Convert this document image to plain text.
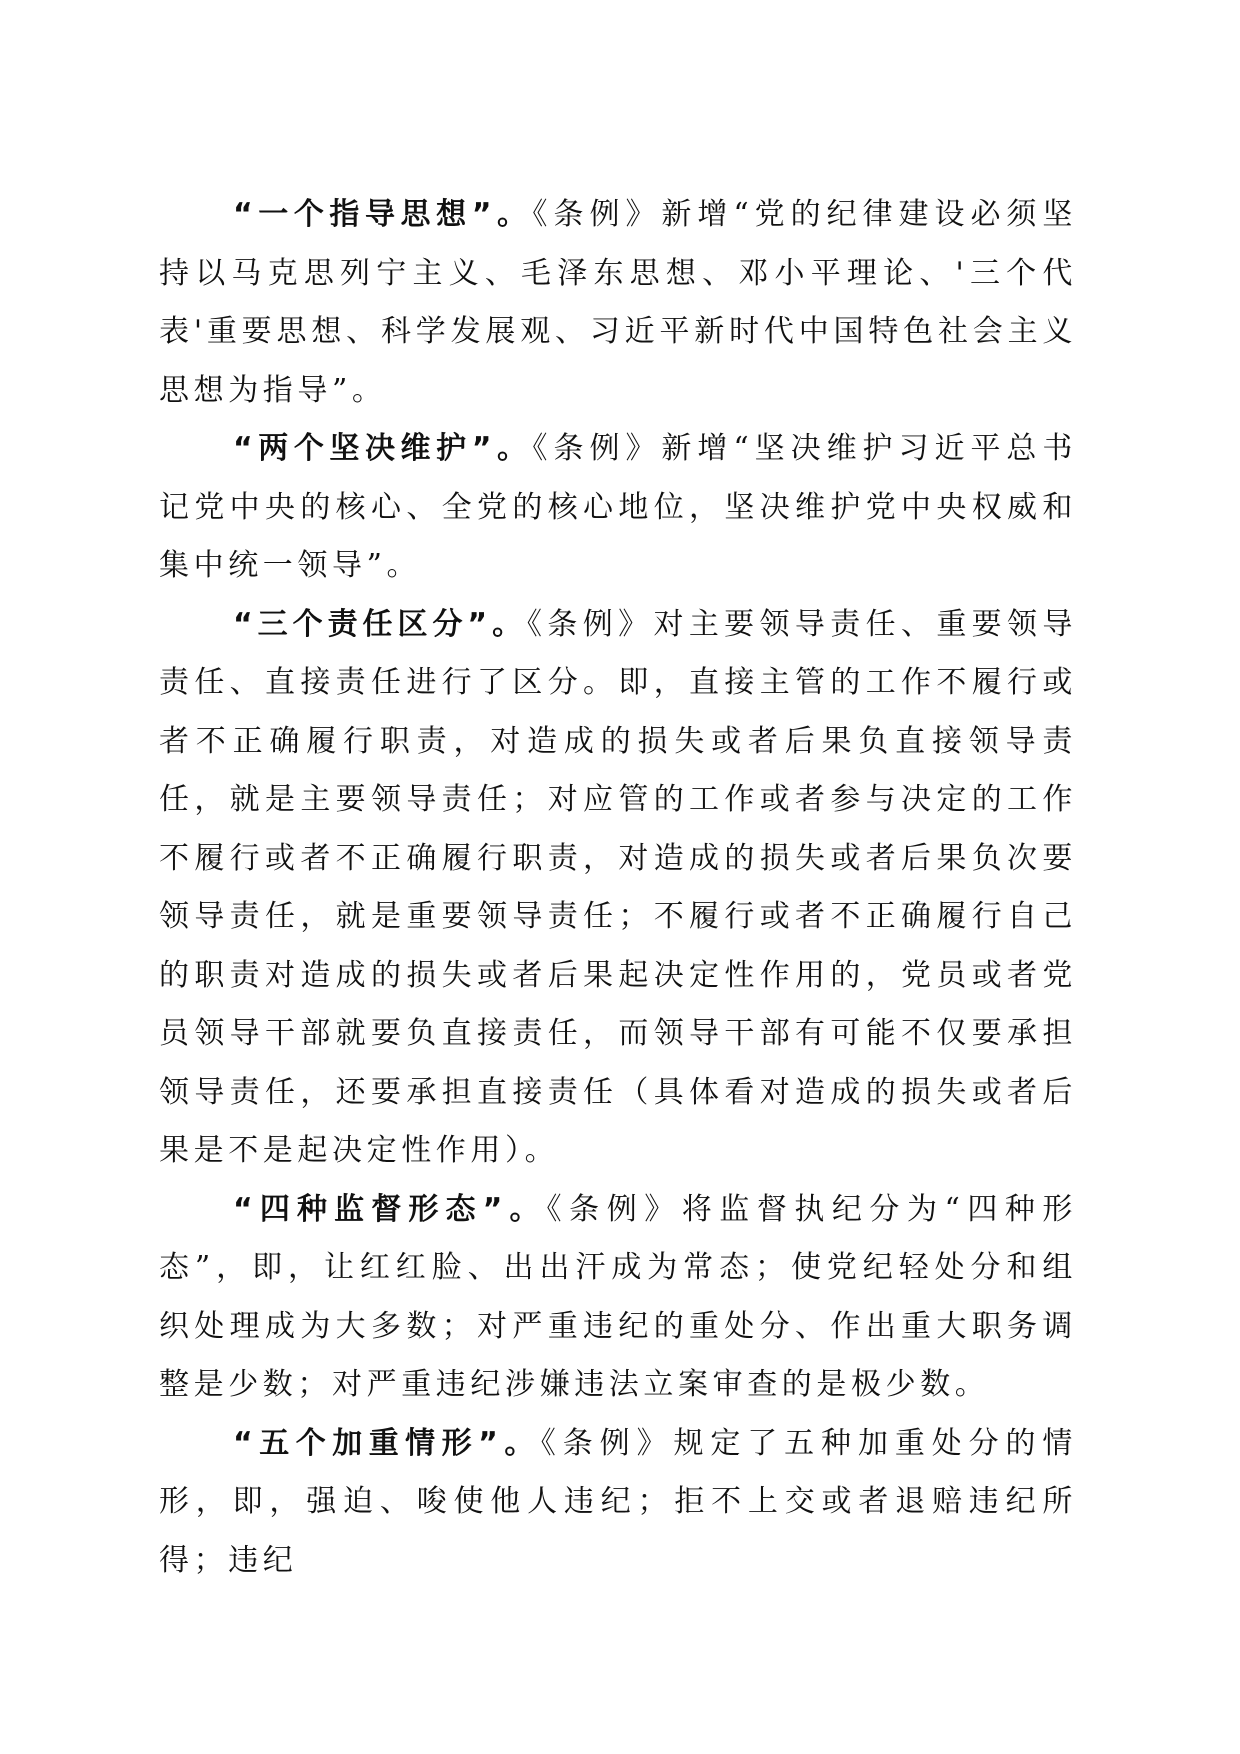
“一个指导思想”。《条例》新增“党的纪律建设必须坚持以马克思列宁主义、毛泽东思想、邓小平理论、'三个代表'重要思想、科学发展观、习近平新时代中国特色社会主义思想为指导”。

“两个坚决维护”。《条例》新增“坚决维护习近平总书记党中央的核心、全党的核心地位，坚决维护党中央权威和集中统一领导”。

“三个责任区分”。《条例》对主要领导责任、重要领导责任、直接责任进行了区分。即，直接主管的工作不履行或者不正确履行职责，对造成的损失或者后果负直接领导责任，就是主要领导责任；对应管的工作或者参与决定的工作不履行或者不正确履行职责，对造成的损失或者后果负次要领导责任，就是重要领导责任；不履行或者不正确履行自己的职责对造成的损失或者后果起决定性作用的，党员或者党员领导干部就要负直接责任，而领导干部有可能不仅要承担领导责任，还要承担直接责任（具体看对造成的损失或者后果是不是起决定性作用）。

“四种监督形态”。《条例》将监督执纪分为“四种形态”，即，让红红脸、出出汗成为常态；使党纪轻处分和组织处理成为大多数；对严重违纪的重处分、作出重大职务调整是少数；对严重违纪涉嫌违法立案审查的是极少数。

“五个加重情形”。《条例》规定了五种加重处分的情形，即，强迫、唆使他人违纪；拒不上交或者退赔违纪所得；违纪
